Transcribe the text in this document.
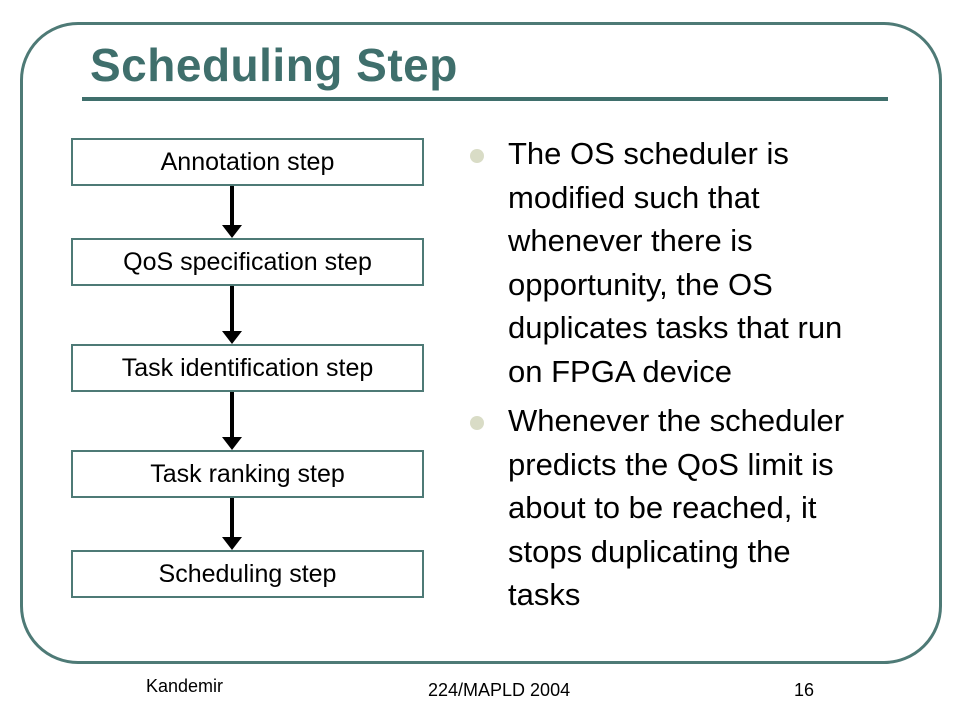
Scheduling Step
Annotation step
QoS specification step
Task identification step
Task ranking step
Scheduling step
The OS scheduler is modified such that whenever there is opportunity, the OS duplicates tasks that run on FPGA device
Whenever the scheduler predicts the QoS limit is about to be reached, it stops duplicating the tasks
Kandemir	224/MAPLD 2004	16
